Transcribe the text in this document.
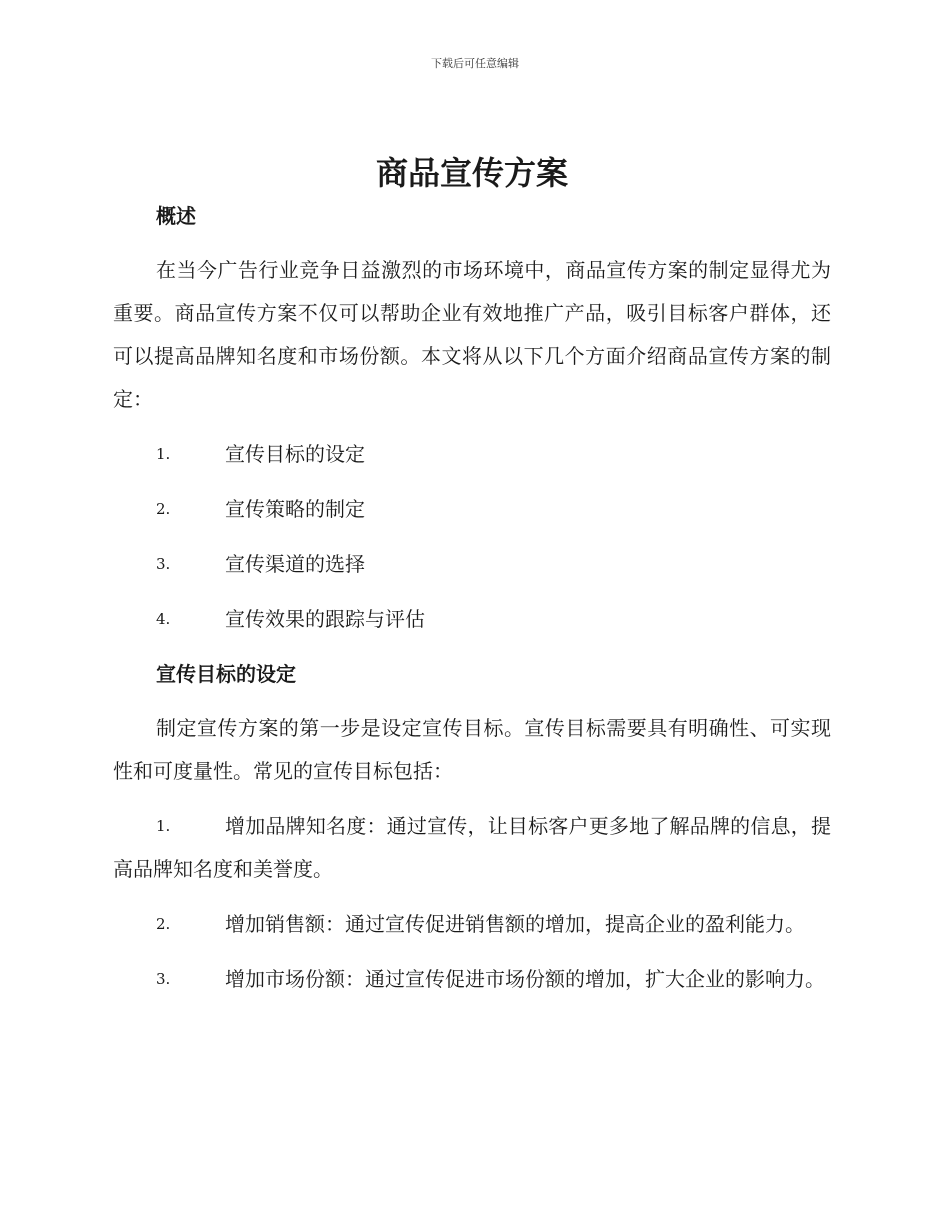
下载后可任意编辑
商品宣传方案
概述

在当今广告行业竞争日益激烈的市场环境中，商品宣传方案的制定显得尤为重要。商品宣传方案不仅可以帮助企业有效地推广产品，吸引目标客户群体，还可以提高品牌知名度和市场份额。本文将从以下几个方面介绍商品宣传方案的制定：

1.	宣传目标的设定
2.	宣传策略的制定
3.	宣传渠道的选择
4.	宣传效果的跟踪与评估
宣传目标的设定

制定宣传方案的第一步是设定宣传目标。宣传目标需要具有明确性、可实现性和可度量性。常见的宣传目标包括：

1.	增加品牌知名度：通过宣传，让目标客户更多地了解品牌的信息，提高品牌知名度和美誉度。
2.	增加销售额：通过宣传促进销售额的增加，提高企业的盈利能力。
3.	增加市场份额：通过宣传促进市场份额的增加，扩大企业的影响力。
